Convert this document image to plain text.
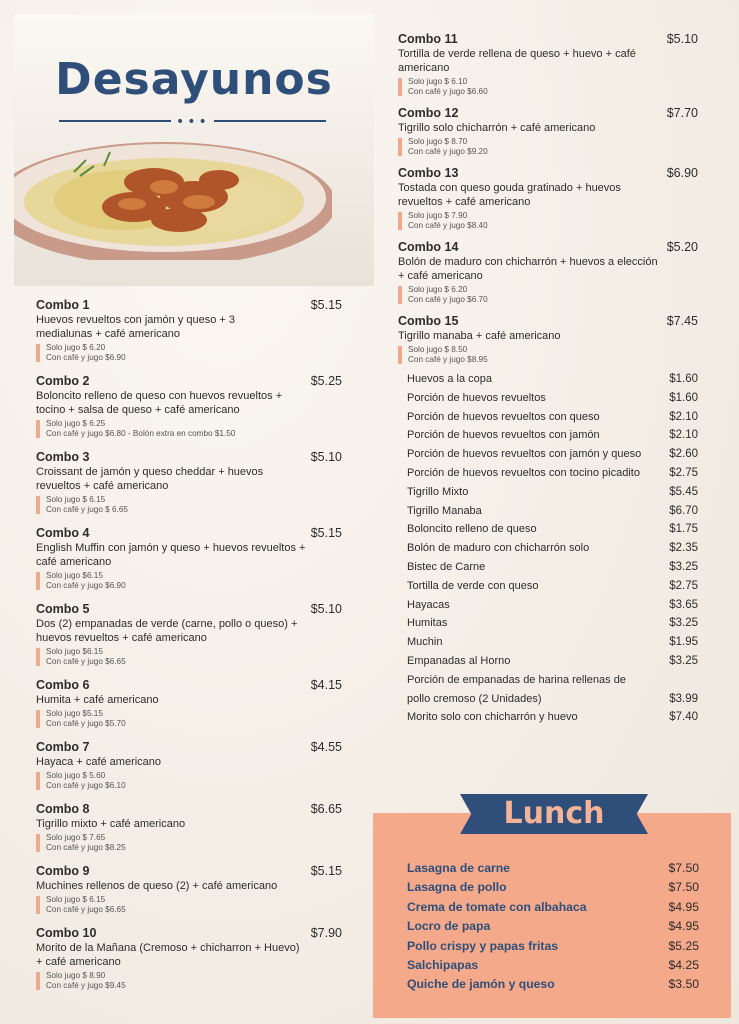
Desayunos
•••
Combo 1	$5.15
Huevos revueltos con jamón y queso + 3 medialunas + café americano
Solo jugo $ 6.20
Con café y jugo $6.90
Combo 2	$5.25
Boloncito relleno de queso con huevos revueltos + tocino + salsa de queso + café americano
Solo jugo $ 6.25
Con café y jugo $6.80 - Bolón extra en combo $1.50
Combo 3	$5.10
Croissant de jamón y queso cheddar + huevos revueltos + café americano
Solo jugo $ 6.15
Con café y jugo $ 6.65
Combo 4	$5.15
English Muffin con jamón y queso + huevos revueltos + café americano
Solo jugo $6.15
Con café y jugo $6.90
Combo 5	$5.10
Dos (2) empanadas de verde (carne, pollo o queso) + huevos revueltos + café americano
Solo jugo $6.15
Con café y jugo $6.65
Combo 6	$4.15
Humita + café americano
Solo jugo $5.15
Con café y jugo $5.70
Combo 7	$4.55
Hayaca + café americano
Solo jugo $ 5.60
Con café y jugo $6.10
Combo 8	$6.65
Tigrillo mixto + café americano
Solo jugo $ 7.65
Con café y jugo $8.25
Combo 9	$5.15
Muchines rellenos de queso (2) + café americano
Solo jugo $ 6.15
Con café y jugo $6.65
Combo 10	$7.90
Morito de la Mañana (Cremoso + chicharron + Huevo) + café americano
Solo jugo $ 8.90
Con café y jugo $9.45
Combo 11	$5.10
Tortilla de verde rellena de queso + huevo + café americano
Solo jugo $ 6.10
Con café y jugo $6.60
Combo 12	$7.70
Tigrillo solo chicharrón + café americano
Solo jugo $ 8.70
Con café y jugo $9.20
Combo 13	$6.90
Tostada con queso gouda gratinado + huevos revueltos + café americano
Solo jugo $ 7.90
Con café y jugo $8.40
Combo 14	$5.20
Bolón de maduro con chicharrón + huevos a elección + café americano
Solo jugo $ 6.20
Con café y jugo $6.70
Combo 15	$7.45
Tigrillo manaba + café americano
Solo jugo $ 8.50
Con café y jugo $8.95
Huevos a la copa	$1.60
Porción de huevos revueltos	$1.60
Porción de huevos revueltos con queso	$2.10
Porción de huevos revueltos con jamón	$2.10
Porción de huevos revueltos con jamón y queso $2.60
Porción de huevos revueltos con tocino picadito	$2.75
Tigrillo Mixto	$5.45
Tigrillo Manaba	$6.70
Boloncito relleno de queso	$1.75
Bolón de maduro con chicharrón solo	$2.35
Bistec de Carne	$3.25
Tortilla de verde con queso	$2.75
Hayacas	$3.65
Humitas	$3.25
Muchin	$1.95
Empanadas al Horno	$3.25
Porción de empanadas de harina rellenas de pollo cremoso (2 Unidades)	$3.99
Morito solo con chicharrón y huevo	$7.40
Lunch
Lasagna de carne	$7.50
Lasagna de pollo	$7.50
Crema de tomate con albahaca	$4.95
Locro de papa	$4.95
Pollo crispy y papas fritas	$5.25
Salchipapas	$4.25
Quiche de jamón y queso	$3.50
